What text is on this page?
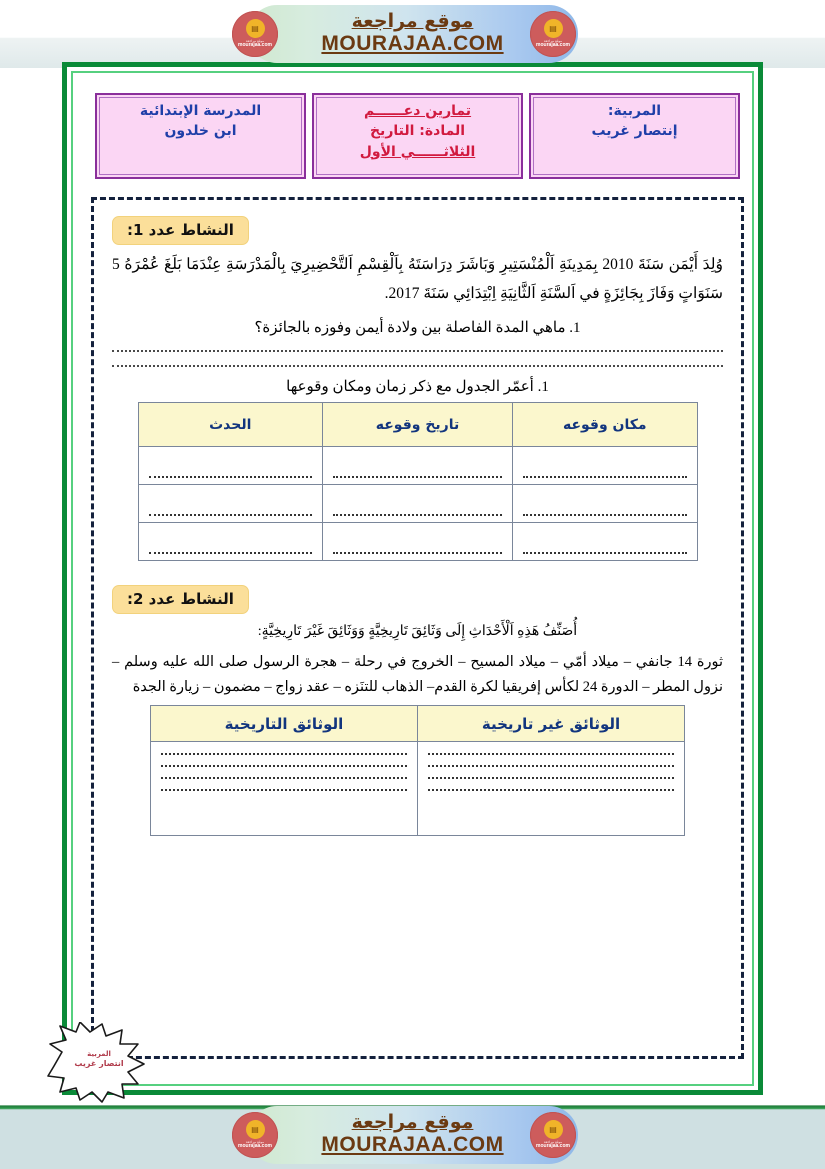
▤
موقع مراجعة
mourajaa.com
موقع مراجعة
MOURAJAA.COM
▤
موقع مراجعة
mourajaa.com
المربية:
إنتصار غريب
تمارين دعــــــم
المادة: التاريخ
الثلاثــــــي الأول
المدرسة الإبتدائية
ابن خلدون
النشاط عدد 1:
وُلِدَ أَيْمَن سَنَةَ 2010 بِمَدِينَةِ اَلْمُنْسَتِيرِ وَبَاشَرَ دِرَاسَتَهُ بِاَلْقِسْمِ اَلتَّحْضِيرِيَ بِالْمَدْرَسَةِ عِنْدَمَا بَلَغَ عُمْرَهُ 5 سَنَوَاتٍ وَفَازَ بِجَائِزَةٍ في اَلسَّنَةِ اَلثَّانِيَةِ اِبْتِدَائِي سَنَةَ 2017.
1. ماهي المدة الفاصلة بين ولادة أيمن وفوزه بالجائزة؟
1. أعمّر الجدول مع ذكر زمان ومكان وقوعها
مكان وقوعه	تاريخ وقوعه	الحدث

النشاط عدد 2:
أُصَنِّفُ هَذِهِ اَلْأَحْدَاثِ إِلَى وَثَائِقَ تَارِيخِيَّةٍ وَوَثَائِقَ غَيْرَ تَارِيخِيَّةٍ:
ثورة 14 جانفي – ميلاد أمّي – ميلاد المسيح – الخروج في رحلة – هجرة الرسول صلى الله عليه وسلم – نزول المطر – الدورة 24 لكأس إفريقيا لكرة القدم– الذهاب للتنَزه – عقد زواج – مضمون – زيارة الجدة
الوثائق غير تاريخية	الوثائق التاريخية

المربية
انتصار غريب
▤
موقع مراجعة
mourajaa.com
موقع مراجعة
MOURAJAA.COM
▤
موقع مراجعة
mourajaa.com
